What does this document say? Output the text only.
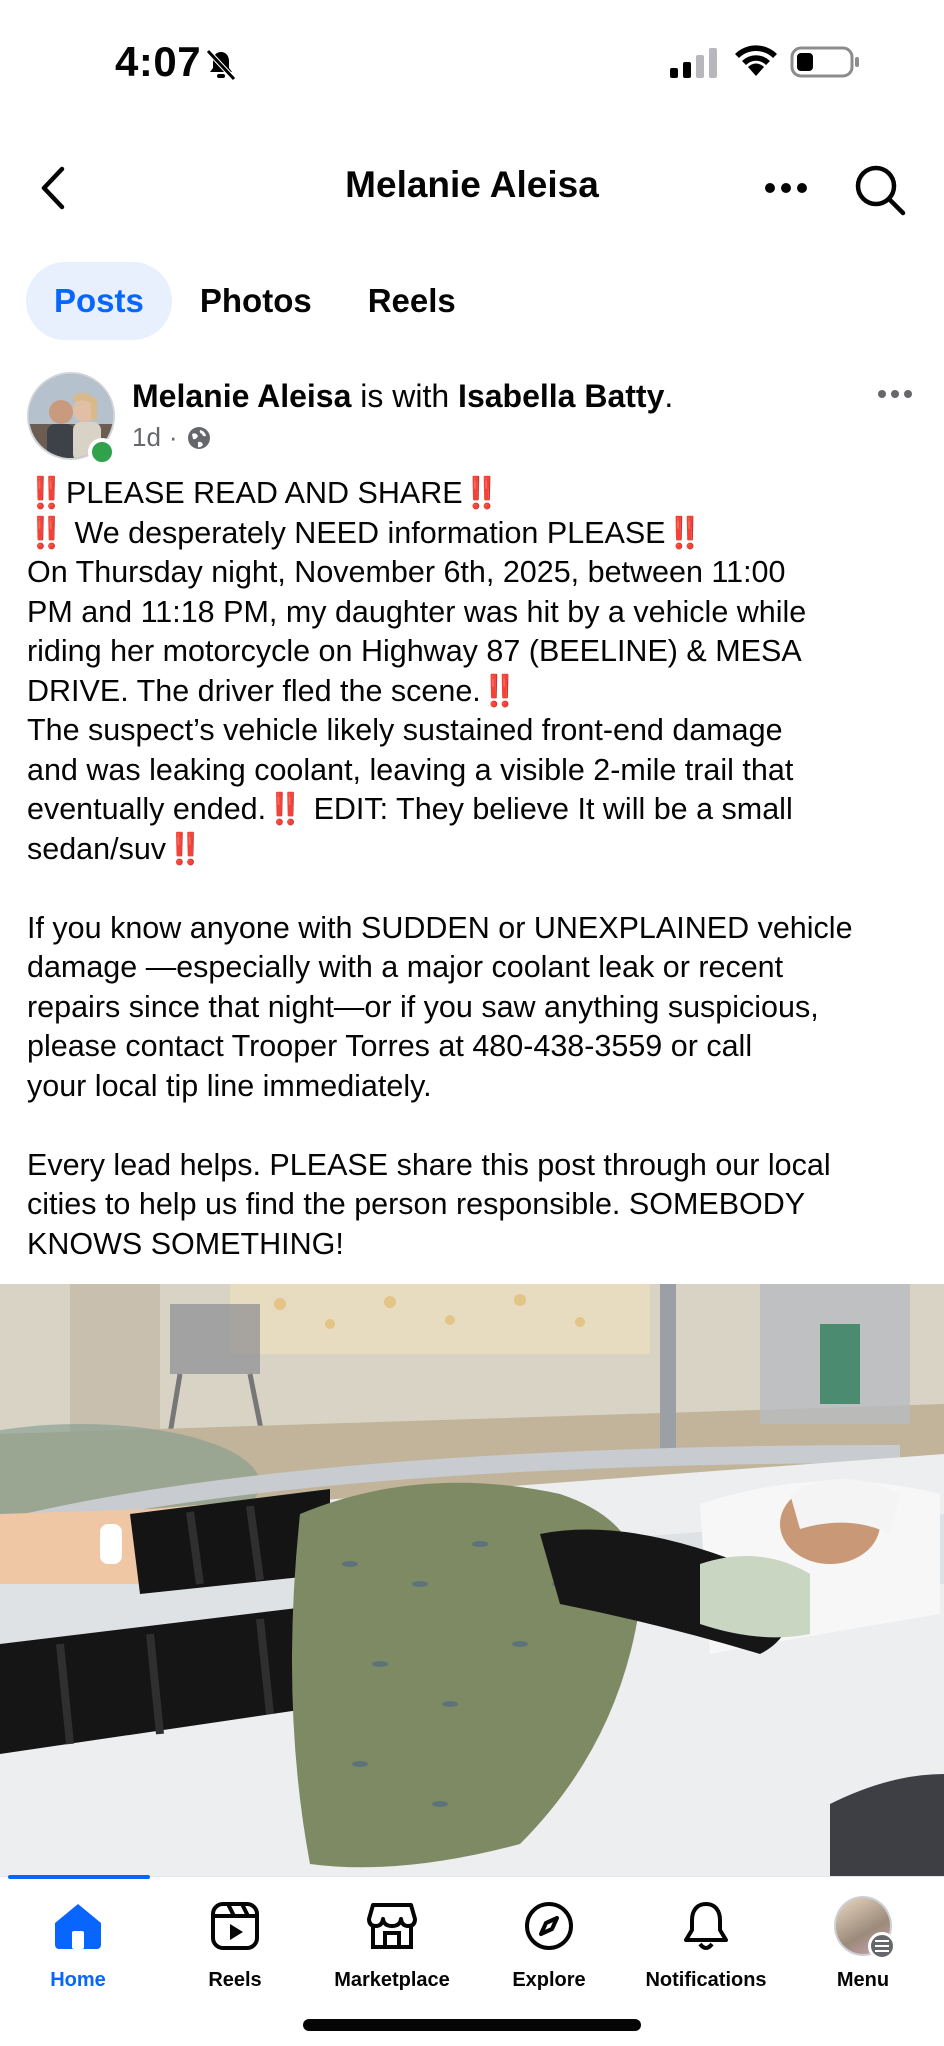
4:07
Melanie Aleisa
Posts	Photos	Reels
Melanie Aleisa is with Isabella Batty.
1d ·

‼️ PLEASE READ AND SHARE‼️

‼️ We desperately NEED information PLEASE‼️

On Thursday night, November 6th, 2025, between 11:00

PM and 11:18 PM, my daughter was hit by a vehicle while

riding her motorcycle on Highway 87 (BEELINE) & MESA

DRIVE. The driver fled the scene.‼️

The suspect’s vehicle likely sustained front-end damage

and was leaking coolant, leaving a visible 2-mile trail that

eventually ended.‼️ EDIT: They believe It will be a small

sedan/suv‼️

If you know anyone with SUDDEN or UNEXPLAINED vehicle

damage —especially with a major coolant leak or recent

repairs since that night—or if you saw anything suspicious,

please contact Trooper Torres at 480-438-3559 or call

your local tip line immediately.

Every lead helps. PLEASE share this post through our local

cities to help us find the person responsible. SOMEBODY

KNOWS SOMETHING!

Home	Reels	Marketplace	Explore	Notifications	Menu
